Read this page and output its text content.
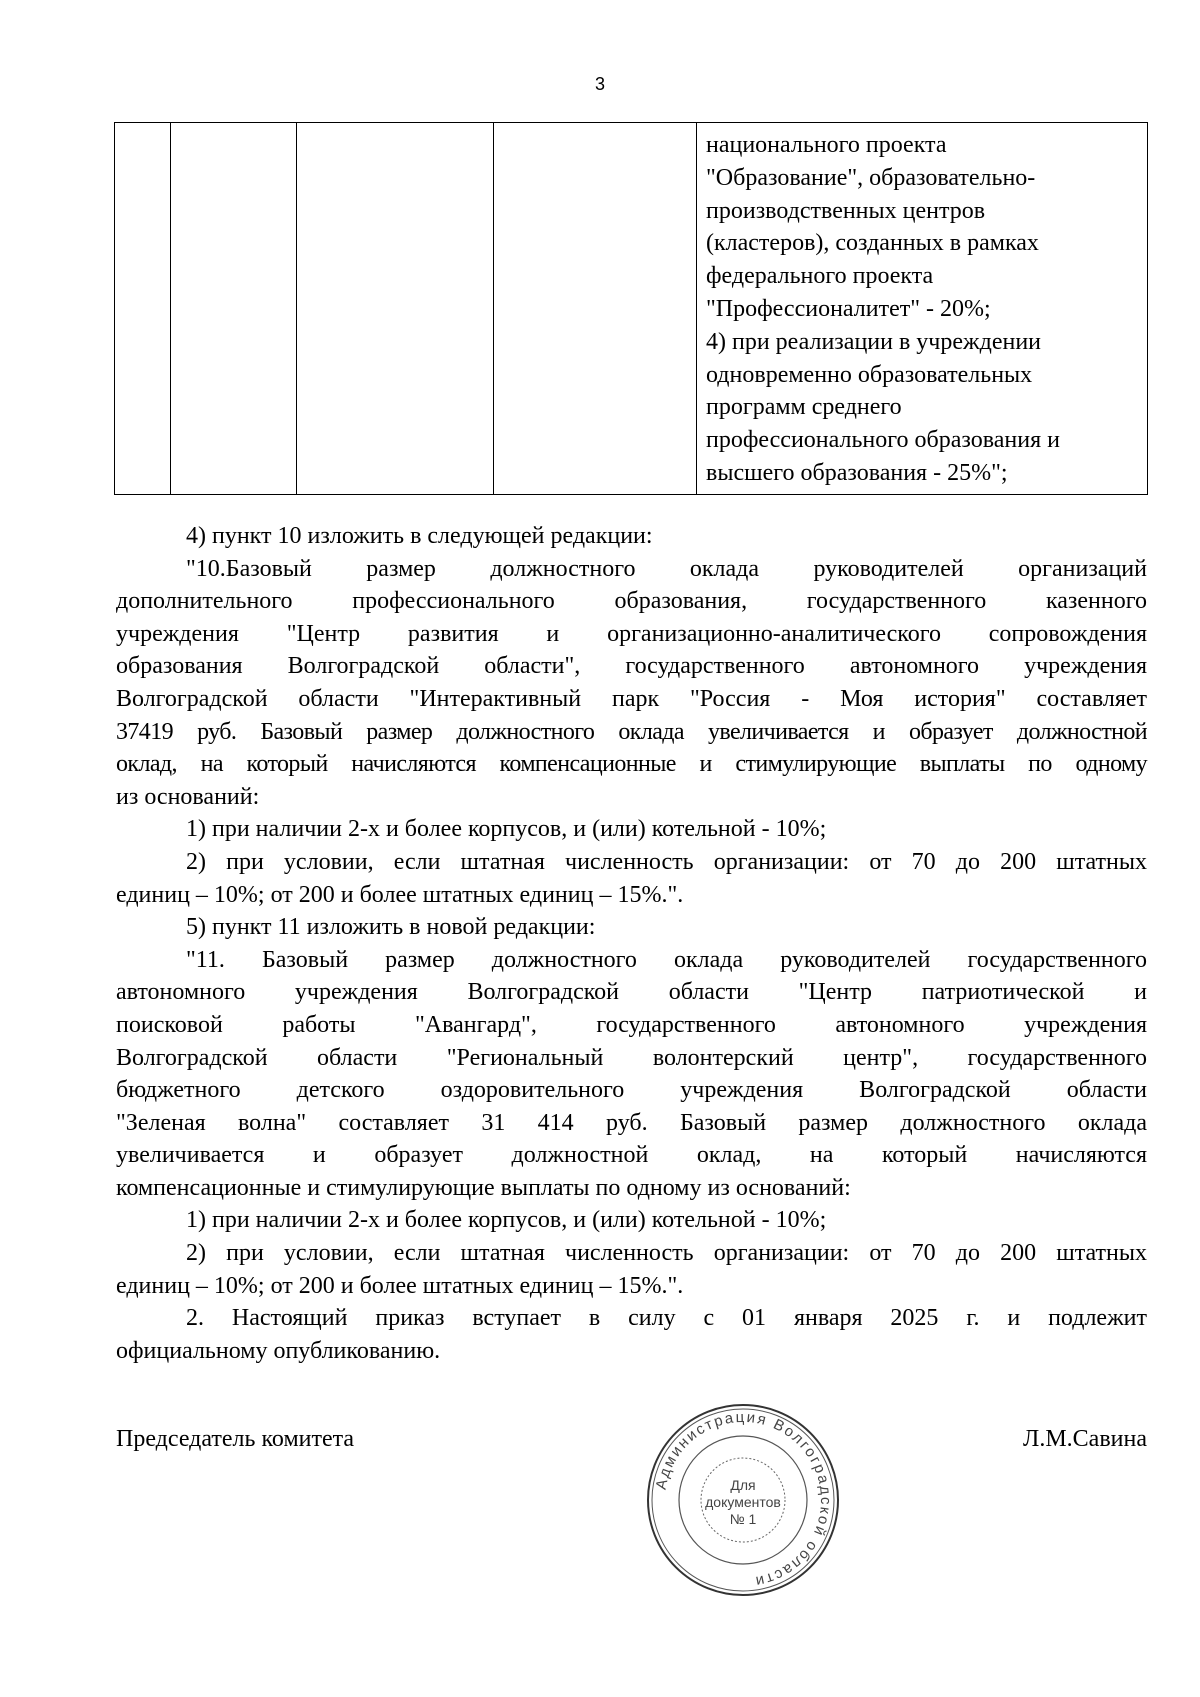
3

национального проекта
"Образование", образовательно-
производственных центров
(кластеров), созданных в рамках
федерального проекта
"Профессионалитет" - 20%;
4) при реализации в учреждении
одновременно образовательных
программ среднего
профессионального образования и
высшего образования - 25%";
4) пункт 10 изложить в следующей редакции:
"10.Базовый размер должностного оклада руководителей организаций
дополнительного профессионального образования, государственного казенного
учреждения "Центр развития и организационно-аналитического сопровождения
образования Волгоградской области", государственного автономного учреждения
Волгоградской области "Интерактивный парк "Россия - Моя история" составляет
37419 руб. Базовый размер должностного оклада увеличивается и образует должностной
оклад, на который начисляются компенсационные и стимулирующие выплаты по одному
из оснований:
1) при наличии 2-х и более корпусов, и (или) котельной - 10%;
2) при условии, если штатная численность организации: от 70 до 200 штатных
единиц – 10%; от 200 и более штатных единиц – 15%.".
5) пункт 11 изложить в новой редакции:
"11. Базовый размер должностного оклада руководителей государственного
автономного учреждения Волгоградской области "Центр патриотической и
поисковой работы "Авангард", государственного автономного учреждения
Волгоградской области "Региональный волонтерский центр", государственного
бюджетного детского оздоровительного учреждения Волгоградской области
"Зеленая волна" составляет 31 414 руб. Базовый размер должностного оклада
увеличивается и образует должностной оклад, на который начисляются
компенсационные и стимулирующие выплаты по одному из оснований:
1) при наличии 2-х и более корпусов, и (или) котельной - 10%;
2) при условии, если штатная численность организации: от 70 до 200 штатных
единиц – 10%; от 200 и более штатных единиц – 15%.".
2. Настоящий приказ вступает в силу с 01 января 2025 г. и подлежит
официальному опубликованию.
Председатель комитета	Л.М.Савина
Администрация Волгоградской области
Для
документов
№ 1
